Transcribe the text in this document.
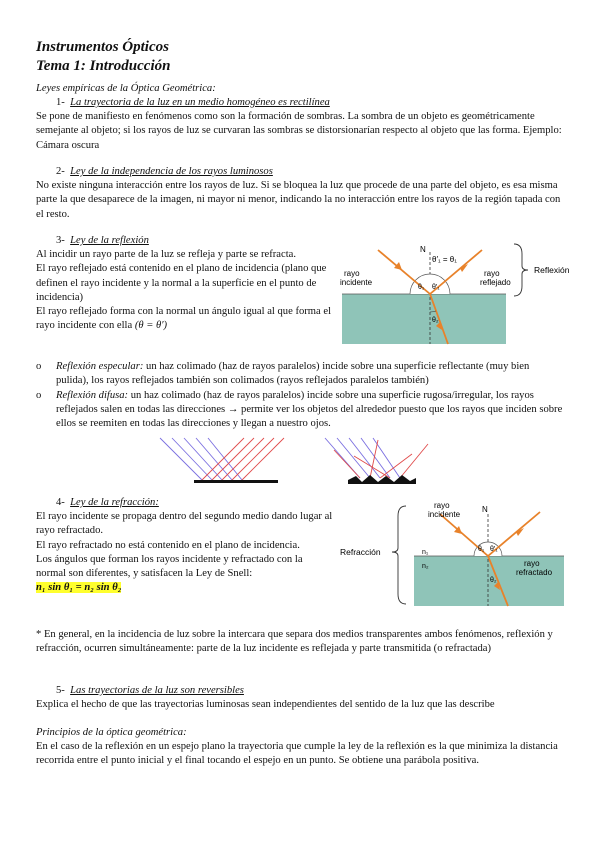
Instrumentos Ópticos
Tema 1: Introducción
Leyes empíricas de la Óptica Geométrica:
1- La trayectoria de la luz en un medio homogéneo es rectilínea

Se pone de manifiesto en fenómenos como son la formación de sombras. La sombra de un objeto es geométricamente semejante al objeto; si los rayos de luz se curvaran las sombras se distorsionarían respecto al objeto que las forma. Ejemplo: Cámara oscura

2- Ley de la independencia de los rayos luminosos

No existe ninguna interacción entre los rayos de luz. Si se bloquea la luz que procede de una parte del objeto, es esa misma parte la que desaparece de la imagen, ni mayor ni menor, indicando la no interacción entre los rayos de la región tapada con el resto.

3- Ley de la reflexión

Al incidir un rayo parte de la luz se refleja y parte se refracta.

El rayo reflejado está contenido en el plano de incidencia (plano que definen el rayo incidente y la normal a la superficie en el punto de incidencia)

El rayo reflejado forma con la normal un ángulo igual al que forma el rayo incidente con ella (θ = θ′)

N
θ′₁ = θ₁
rayo incidente
rayo reflejado
θ₁ θ′₁
θ₂
Reflexión

o Reflexión especular: un haz colimado (haz de rayos paralelos) incide sobre una superficie reflectante (muy bien pulida), los rayos reflejados también son colimados (rayos reflejados paralelos también)

o Reflexión difusa: un haz colimado (haz de rayos paralelos) incide sobre una superficie rugosa/irregular, los rayos reflejados salen en todas las direcciones → permite ver los objetos del alrededor puesto que los rayos que inciden sobre ellos se reemiten en todas las direcciones y llegan a nuestro ojos.

4- Ley de la refracción:

El rayo incidente se propaga dentro del segundo medio dando lugar al rayo refractado.

El rayo refractado no está contenido en el plano de incidencia.

Los ángulos que forman los rayos incidente y refractado con la normal son diferentes, y satisfacen la Ley de Snell:

n₁ sin θ₁ = n₂ sin θ₂

Refracción
N
rayo incidente
rayo refractado
n₁
n₂
θ₁ θ′₁
θ₂

* En general, en la incidencia de luz sobre la intercara que separa dos medios transparentes ambos fenómenos, reflexión y refracción, ocurren simultáneamente: parte de la luz incidente es reflejada y parte transmitida (o refractada)

5- Las trayectorias de la luz son reversibles

Explica el hecho de que las trayectorias luminosas sean independientes del sentido de la luz que las describe

Principios de la óptica geométrica:

En el caso de la reflexión en un espejo plano la trayectoria que cumple la ley de la reflexión es la que minimiza la distancia recorrida entre el punto inicial y el final tocando el espejo en un punto. Se obtiene una parábola positiva.
